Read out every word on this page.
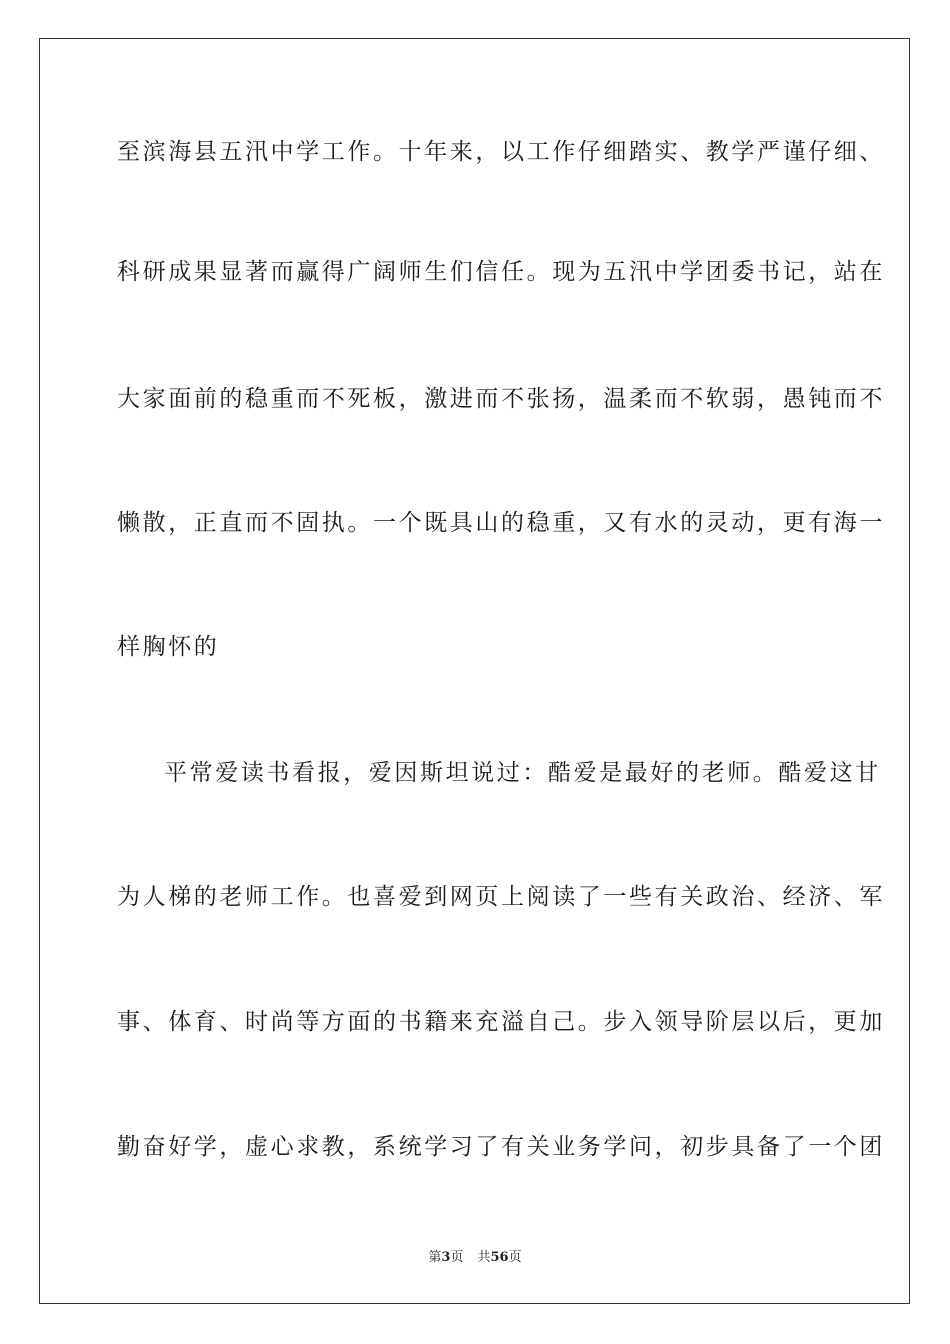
至滨海县五汛中学工作。十年来，以工作仔细踏实、教学严谨仔细、
科研成果显著而赢得广阔师生们信任。现为五汛中学团委书记，站在
大家面前的稳重而不死板，激进而不张扬，温柔而不软弱，愚钝而不
懒散，正直而不固执。一个既具山的稳重，又有水的灵动，更有海一
样胸怀的
平常爱读书看报，爱因斯坦说过：酷爱是最好的老师。酷爱这甘
为人梯的老师工作。也喜爱到网页上阅读了一些有关政治、经济、军
事、体育、时尚等方面的书籍来充溢自己。步入领导阶层以后，更加
勤奋好学，虚心求教，系统学习了有关业务学问，初步具备了一个团
第3页 共56页
